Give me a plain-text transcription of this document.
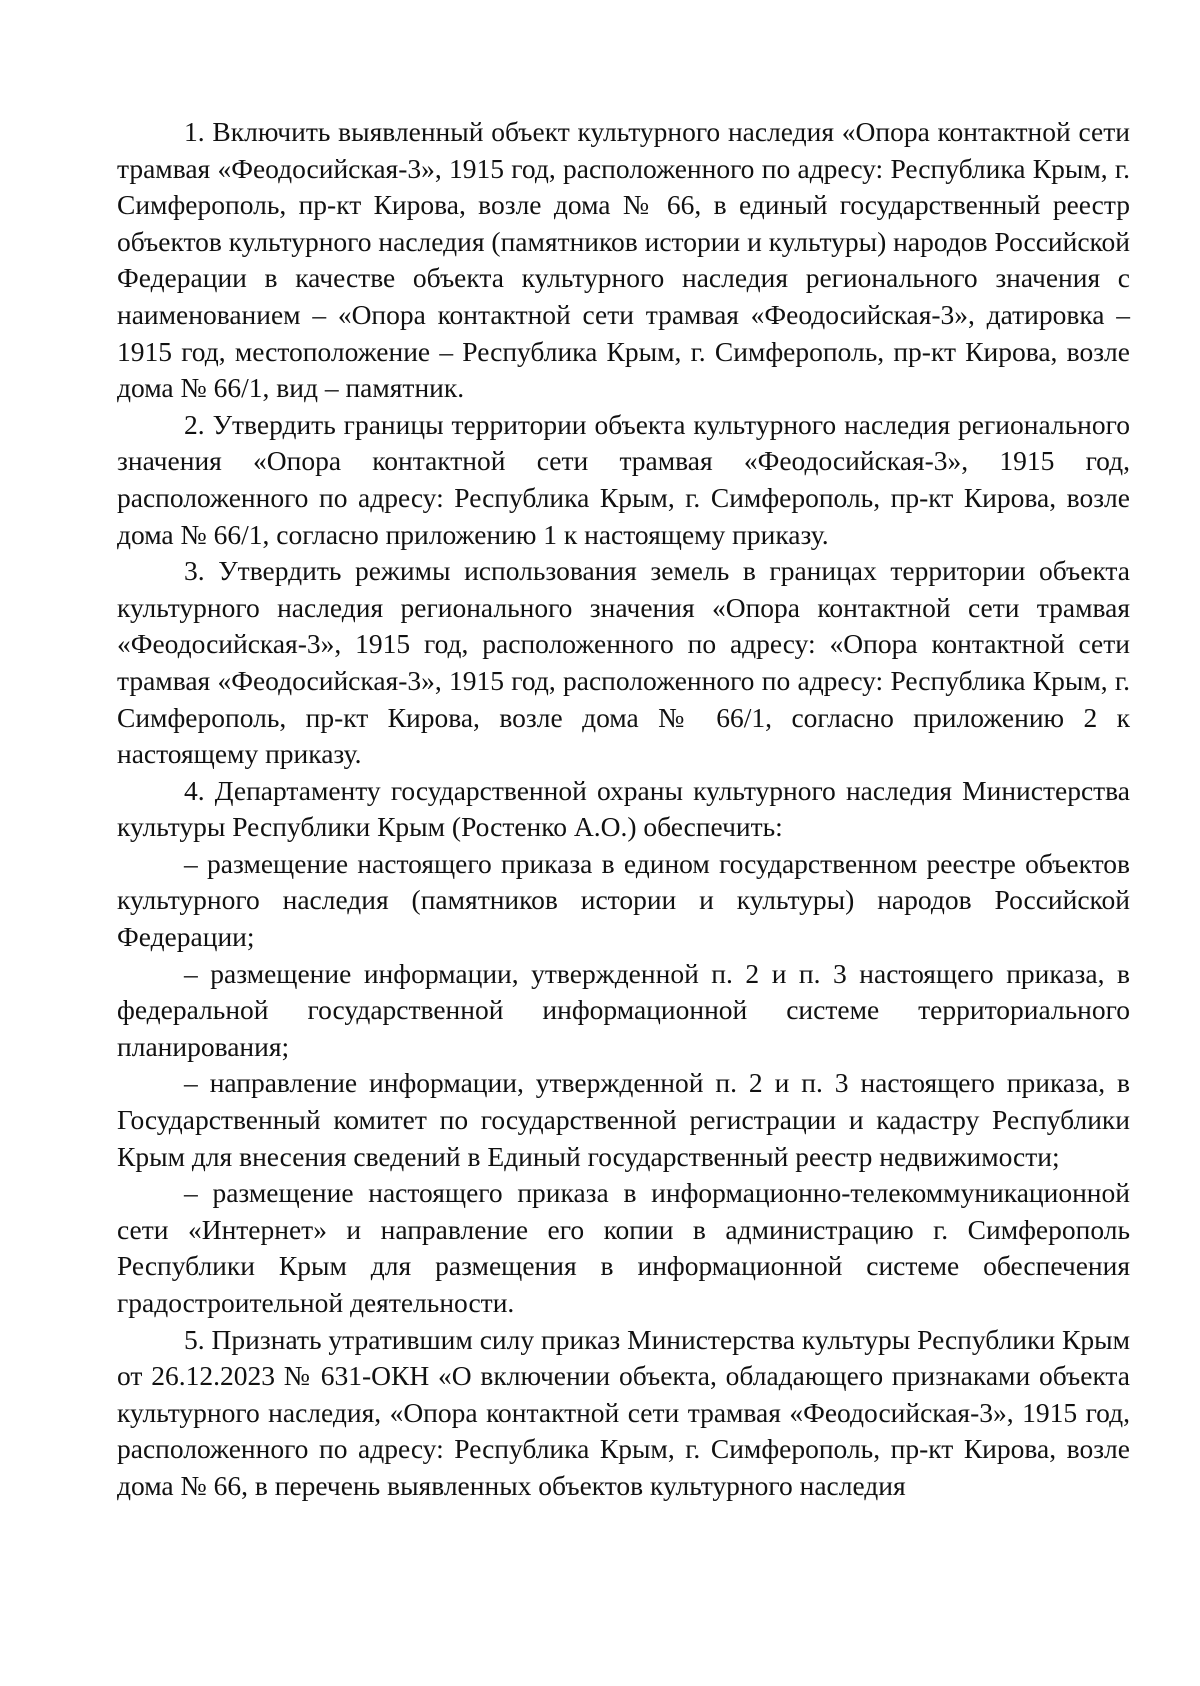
1. Включить выявленный объект культурного наследия «Опора контактной сети трамвая «Феодосийская-3», 1915 год, расположенного по адресу: Республика Крым, г. Симферополь, пр-кт Кирова, возле дома № 66, в единый государственный реестр объектов культурного наследия (памятников истории и культуры) народов Российской Федерации в качестве объекта культурного наследия регионального значения с наименованием – «Опора контактной сети трамвая «Феодосийская-3», датировка – 1915 год, местоположение – Республика Крым, г. Симферополь, пр-кт Кирова, возле дома № 66/1, вид – памятник.

2. Утвердить границы территории объекта культурного наследия регионального значения «Опора контактной сети трамвая «Феодосийская-3», 1915 год, расположенного по адресу: Республика Крым, г. Симферополь, пр-кт Кирова, возле дома № 66/1, согласно приложению 1 к настоящему приказу.

3. Утвердить режимы использования земель в границах территории объекта культурного наследия регионального значения «Опора контактной сети трамвая «Феодосийская-3», 1915 год, расположенного по адресу: «Опора контактной сети трамвая «Феодосийская-3», 1915 год, расположенного по адресу: Республика Крым, г. Симферополь, пр-кт Кирова, возле дома № 66/1, согласно приложению 2 к настоящему приказу.

4. Департаменту государственной охраны культурного наследия Министерства культуры Республики Крым (Ростенко А.О.) обеспечить:

– размещение настоящего приказа в едином государственном реестре объектов культурного наследия (памятников истории и культуры) народов Российской Федерации;

– размещение информации, утвержденной п. 2 и п. 3 настоящего приказа, в федеральной государственной информационной системе территориального планирования;

– направление информации, утвержденной п. 2 и п. 3 настоящего приказа, в Государственный комитет по государственной регистрации и кадастру Республики Крым для внесения сведений в Единый государственный реестр недвижимости;

– размещение настоящего приказа в информационно-телекоммуникационной сети «Интернет» и направление его копии в администрацию г. Симферополь Республики Крым для размещения в информационной системе обеспечения градостроительной деятельности.

5. Признать утратившим силу приказ Министерства культуры Республики Крым от 26.12.2023 № 631-ОКН «О включении объекта, обладающего признаками объекта культурного наследия, «Опора контактной сети трамвая «Феодосийская-3», 1915 год, расположенного по адресу: Республика Крым, г. Симферополь, пр-кт Кирова, возле дома № 66, в перечень выявленных объектов культурного наследия
